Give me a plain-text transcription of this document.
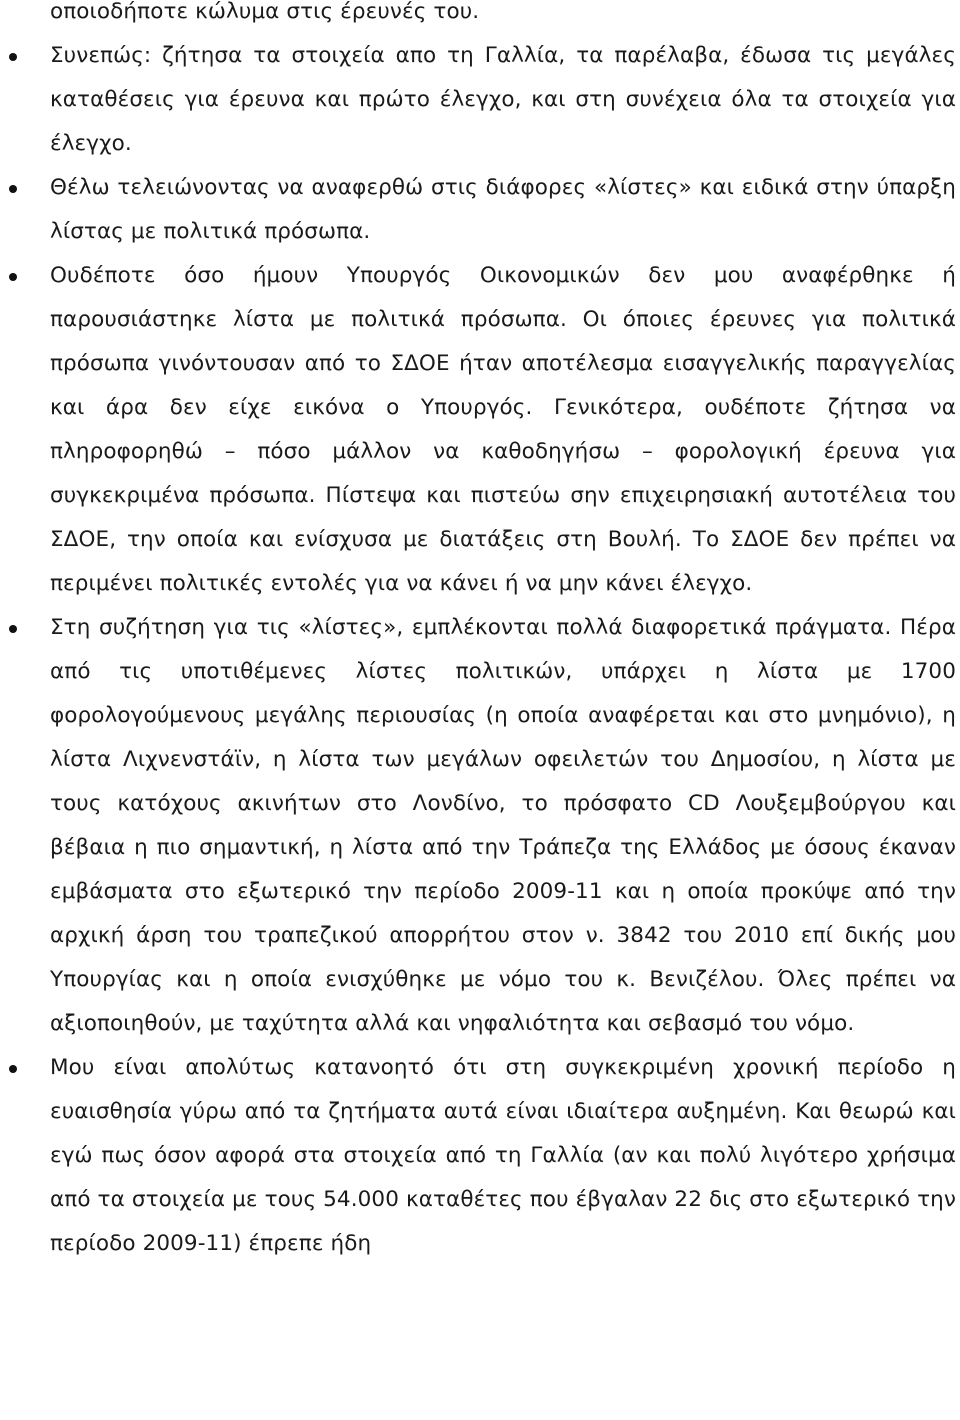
οποιοδήποτε κώλυμα στις έρευνές του.

Συνεπώς: ζήτησα τα στοιχεία απο τη Γαλλία, τα παρέλαβα, έδωσα τις μεγάλες καταθέσεις για έρευνα και πρώτο έλεγχο, και στη συνέχεια όλα τα στοιχεία για έλεγχο.
Θέλω τελειώνοντας να αναφερθώ στις διάφορες «λίστες» και ειδικά στην ύπαρξη λίστας με πολιτικά πρόσωπα.
Ουδέποτε όσο ήμουν Υπουργός Οικονομικών δεν μου αναφέρθηκε ή παρουσιάστηκε λίστα με πολιτικά πρόσωπα. Οι όποιες έρευνες για πολιτικά πρόσωπα γινόντουσαν από το ΣΔΟΕ ήταν αποτέλεσμα εισαγγελικής παραγγελίας και άρα δεν είχε εικόνα ο Υπουργός. Γενικότερα, ουδέποτε ζήτησα να πληροφορηθώ – πόσο μάλλον να καθοδηγήσω – φορολογική έρευνα για συγκεκριμένα πρόσωπα. Πίστεψα και πιστεύω σην επιχειρησιακή αυτοτέλεια του ΣΔΟΕ, την οποία και ενίσχυσα με διατάξεις στη Βουλή. Το ΣΔΟΕ δεν πρέπει να περιμένει πολιτικές εντολές για να κάνει ή να μην κάνει έλεγχο.
Στη συζήτηση για τις «λίστες», εμπλέκονται πολλά διαφορετικά πράγματα. Πέρα από τις υποτιθέμενες λίστες πολιτικών, υπάρχει η λίστα με 1700 φορολογούμενους μεγάλης περιουσίας (η οποία αναφέρεται και στο μνημόνιο), η λίστα Λιχνενστάϊν, η λίστα των μεγάλων οφειλετών του Δημοσίου, η λίστα με τους κατόχους ακινήτων στο Λονδίνο, το πρόσφατο CD Λουξεμβούργου και βέβαια η πιο σημαντική, η λίστα από την Τράπεζα της Ελλάδος με όσους έκαναν εμβάσματα στο εξωτερικό την περίοδο 2009-11 και η οποία προκύψε από την αρχική άρση του τραπεζικού απορρήτου στον ν. 3842 του 2010 επί δικής μου Υπουργίας και η οποία ενισχύθηκε με νόμο του κ. Βενιζέλου. Όλες πρέπει να αξιοποιηθούν, με ταχύτητα αλλά και νηφαλιότητα και σεβασμό του νόμο.
Μου είναι απολύτως κατανοητό ότι στη συγκεκριμένη χρονική περίοδο η ευαισθησία γύρω από τα ζητήματα αυτά είναι ιδιαίτερα αυξημένη. Και θεωρώ και εγώ πως όσον αφορά στα στοιχεία από τη Γαλλία (αν και πολύ λιγότερο χρήσιμα από τα στοιχεία με τους 54.000 καταθέτες που έβγαλαν 22 δις στο εξωτερικό την περίοδο 2009-11) έπρεπε ήδη
